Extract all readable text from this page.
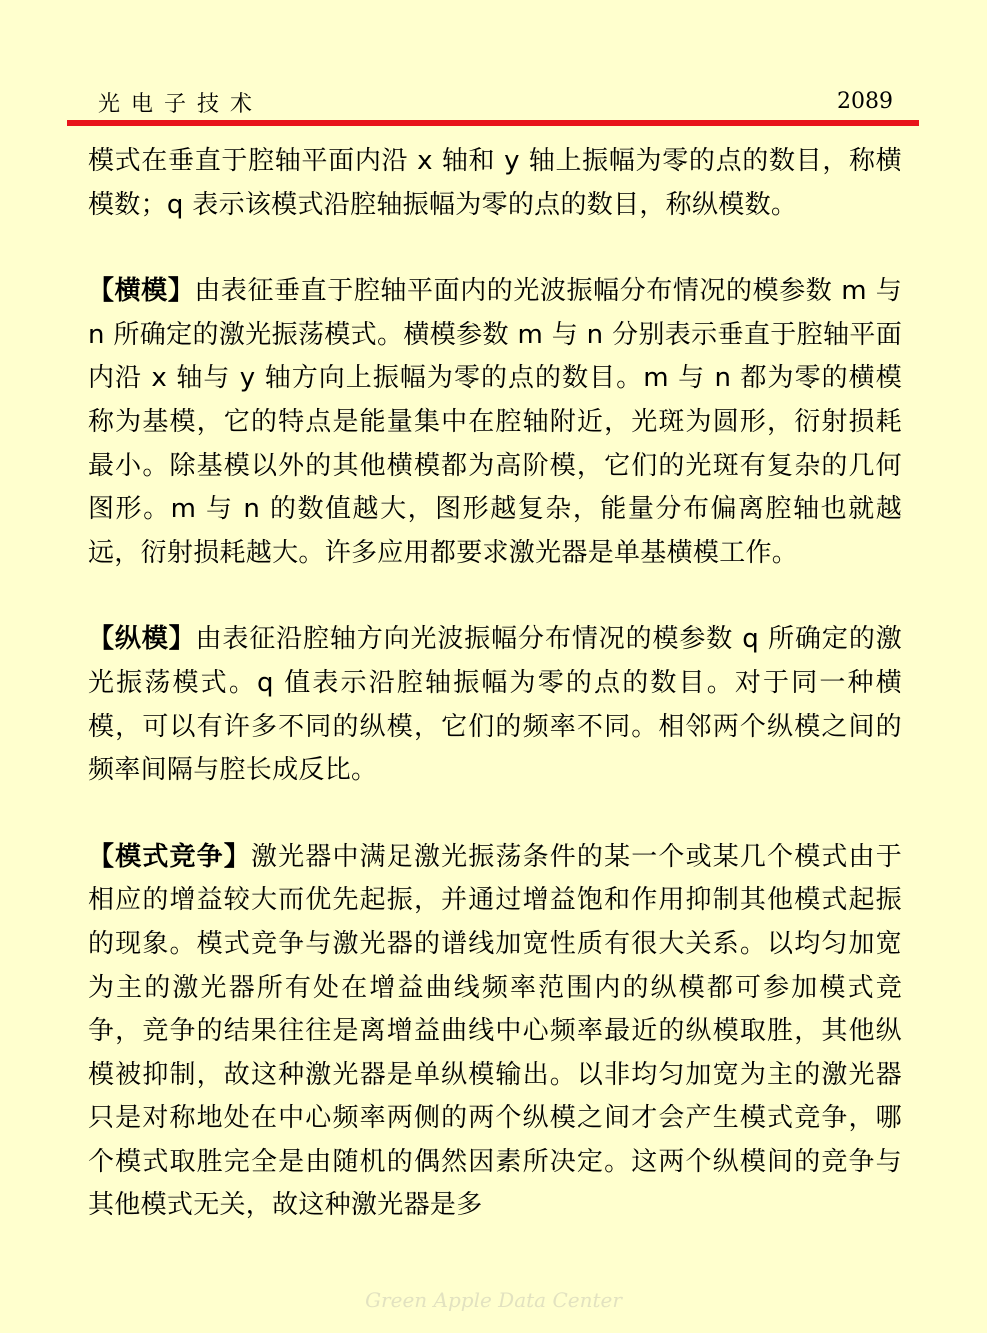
光电子技术	2089

模式在垂直于腔轴平面内沿 x 轴和 y 轴上振幅为零的点的数目，称横模数；q 表示该模式沿腔轴振幅为零的点的数目，称纵模数。

【横模】由表征垂直于腔轴平面内的光波振幅分布情况的模参数 m 与 n 所确定的激光振荡模式。横模参数 m 与 n 分别表示垂直于腔轴平面内沿 x 轴与 y 轴方向上振幅为零的点的数目。m 与 n 都为零的横模称为基模，它的特点是能量集中在腔轴附近，光斑为圆形，衍射损耗最小。除基模以外的其他横模都为高阶模，它们的光斑有复杂的几何图形。m 与 n 的数值越大，图形越复杂，能量分布偏离腔轴也就越远，衍射损耗越大。许多应用都要求激光器是单基横模工作。

【纵模】由表征沿腔轴方向光波振幅分布情况的模参数 q 所确定的激光振荡模式。q 值表示沿腔轴振幅为零的点的数目。对于同一种横模，可以有许多不同的纵模，它们的频率不同。相邻两个纵模之间的频率间隔与腔长成反比。

【模式竞争】激光器中满足激光振荡条件的某一个或某几个模式由于相应的增益较大而优先起振，并通过增益饱和作用抑制其他模式起振的现象。模式竞争与激光器的谱线加宽性质有很大关系。以均匀加宽为主的激光器所有处在增益曲线频率范围内的纵模都可参加模式竞争，竞争的结果往往是离增益曲线中心频率最近的纵模取胜，其他纵模被抑制，故这种激光器是单纵模输出。以非均匀加宽为主的激光器只是对称地处在中心频率两侧的两个纵模之间才会产生模式竞争，哪个模式取胜完全是由随机的偶然因素所决定。这两个纵模间的竞争与其他模式无关，故这种激光器是多

Green Apple Data Center
